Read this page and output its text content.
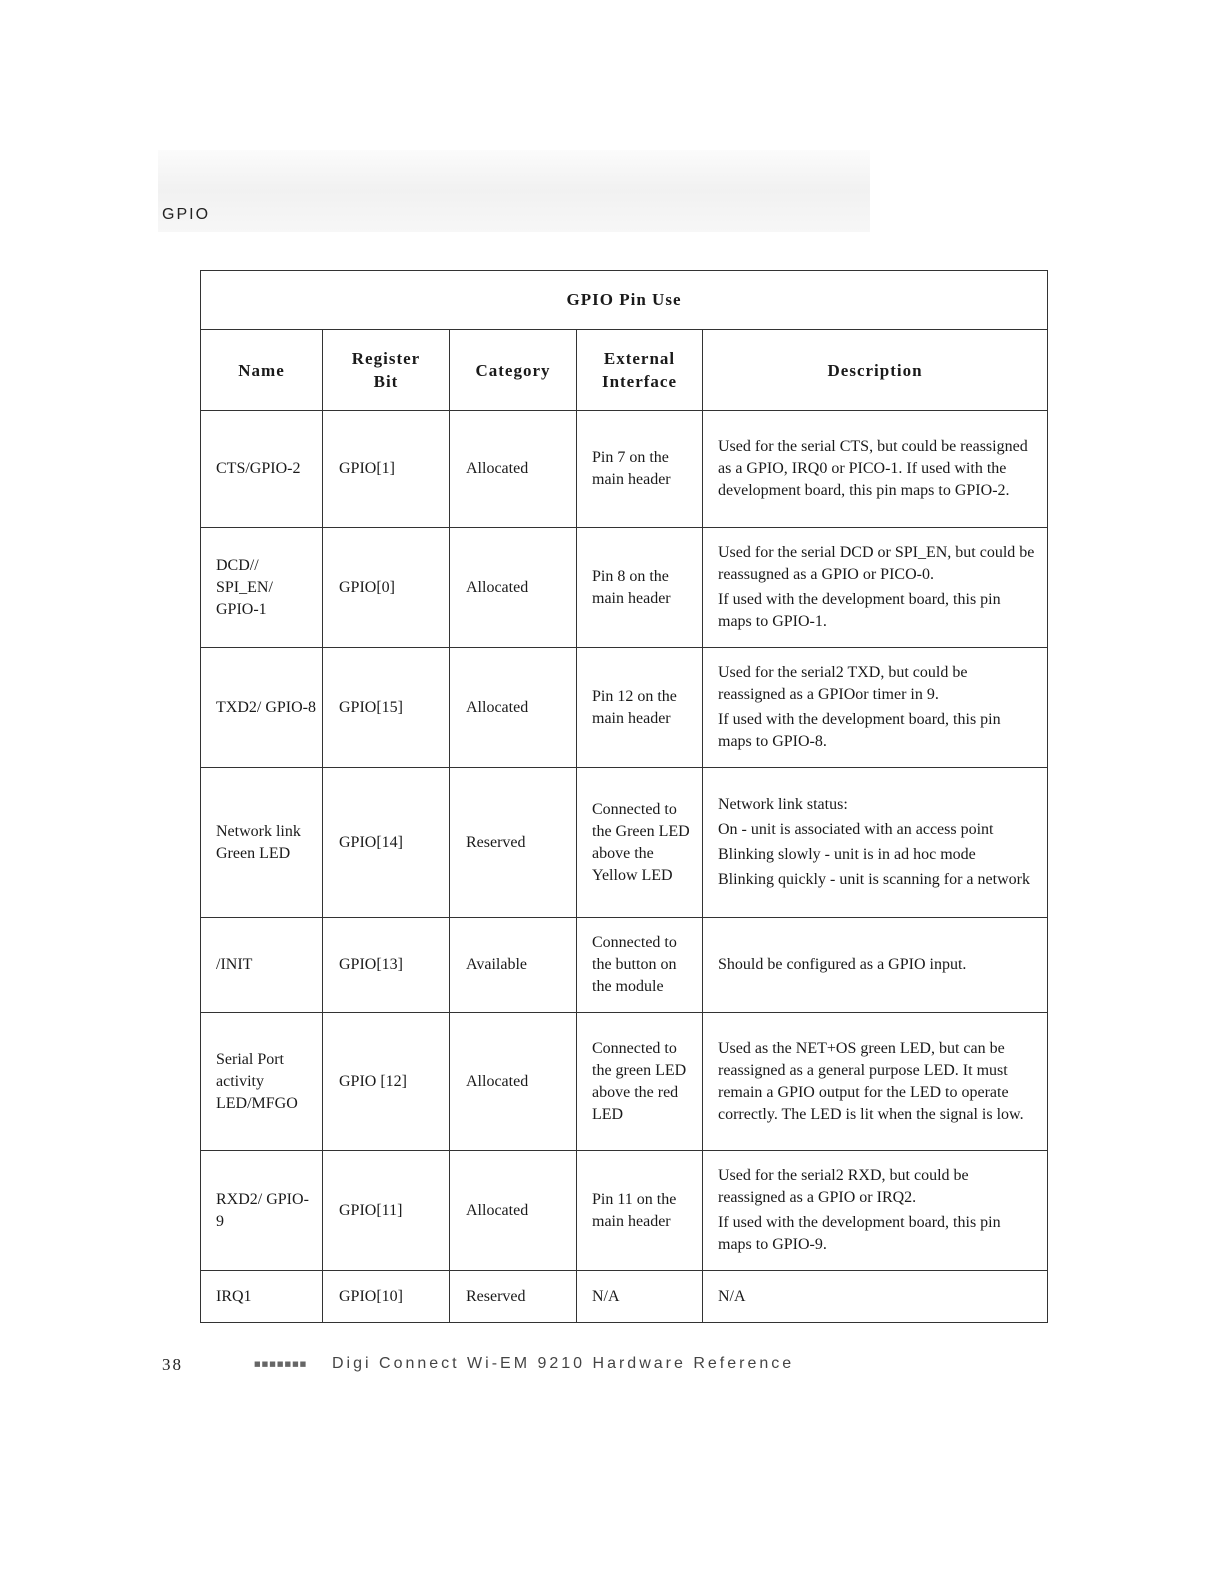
GPIO
GPIO Pin Use				
Name	Register Bit	Category	External Interface	Description
CTS/GPIO-2	GPIO[1]	Allocated	Pin 7 on the main header	Used for the serial CTS, but could be reassigned as a GPIO, IRQ0 or PICO-1. If used with the development board, this pin maps to GPIO-2.

DCD// SPI_EN/ GPIO-1	GPIO[0]	Allocated	Pin 8 on the main header	Used for the serial DCD or SPI_EN, but could be reassugned as a GPIO or PICO-0.
If used with the development board, this pin maps to GPIO-1.

TXD2/ GPIO-8	GPIO[15]	Allocated	Pin 12 on the main header	Used for the serial2 TXD, but could be reassigned as a GPIOor timer in 9.
If used with the development board, this pin maps to GPIO-8.

Network link Green LED	GPIO[14]	Reserved	Connected to the Green LED above the Yellow LED	Network link status:
On - unit is associated with an access point
Blinking slowly - unit is in ad hoc mode
Blinking quickly - unit is scanning for a network

/INIT	GPIO[13]	Available	Connected to the button on the module	Should be configured as a GPIO input.

Serial Port activity LED/MFGO	GPIO [12]	Allocated	Connected to the green LED above the red LED	Used as the NET+OS green LED, but can be reassigned as a general purpose LED. It must remain a GPIO output for the LED to operate correctly. The LED is lit when the signal is low.

RXD2/ GPIO-9	GPIO[11]	Allocated	Pin 11 on the main header	Used for the serial2 RXD, but could be reassigned as a GPIO or IRQ2.
If used with the development board, this pin maps to GPIO-9.

IRQ1	GPIO[10]	Reserved	N/A	N/A
38	■■■■■■■ Digi Connect Wi-EM 9210 Hardware Reference
